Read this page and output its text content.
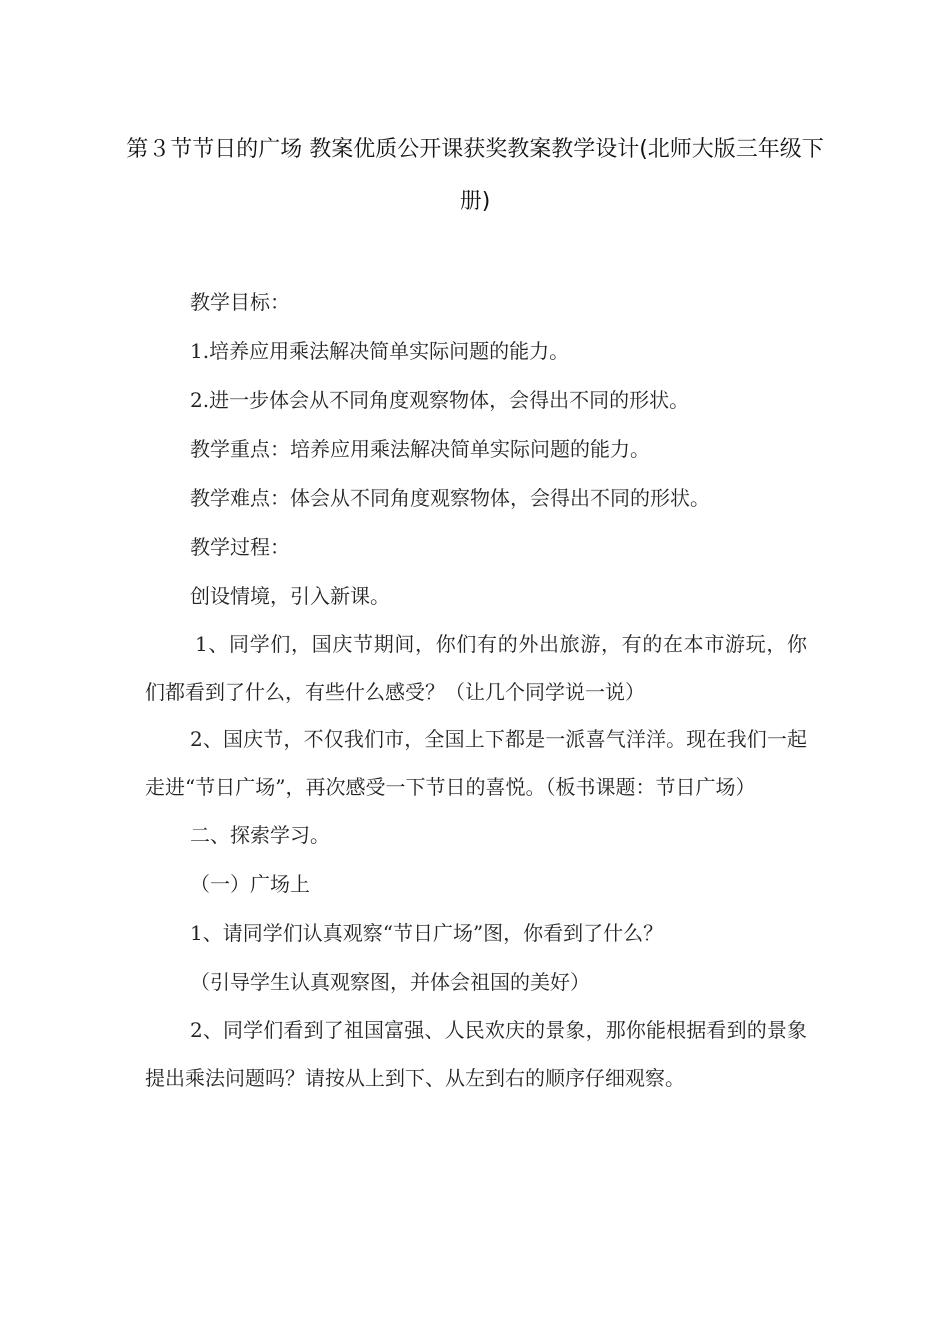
第３节节日的广场 教案优质公开课获奖教案教学设计(北师大版三年级下册)

教学目标：

1.培养应用乘法解决简单实际问题的能力。

2.进一步体会从不同角度观察物体，会得出不同的形状。

教学重点：培养应用乘法解决简单实际问题的能力。

教学难点：体会从不同角度观察物体，会得出不同的形状。

教学过程：

创设情境，引入新课。

1、同学们，国庆节期间，你们有的外出旅游，有的在本市游玩，你们都看到了什么，有些什么感受？（让几个同学说一说）

2、国庆节，不仅我们市，全国上下都是一派喜气洋洋。现在我们一起走进“节日广场”，再次感受一下节日的喜悦。（板书课题：节日广场）

二、探索学习。

（一）广场上

1、请同学们认真观察“节日广场”图，你看到了什么？

（引导学生认真观察图，并体会祖国的美好）

2、同学们看到了祖国富强、人民欢庆的景象，那你能根据看到的景象提出乘法问题吗？请按从上到下、从左到右的顺序仔细观察。
